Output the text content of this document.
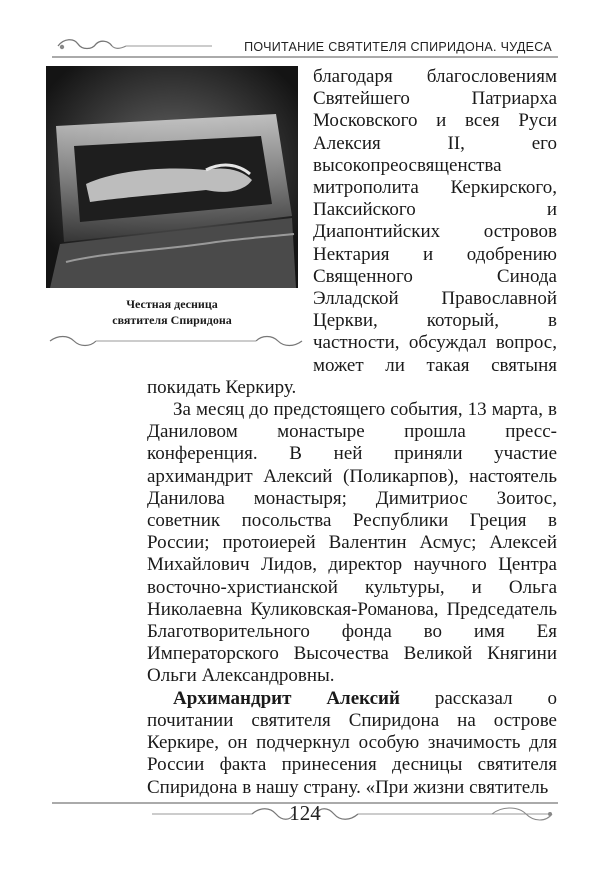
ПОЧИТАНИЕ СВЯТИТЕЛЯ СПИРИДОНА. ЧУДЕСА
Честная десница
святителя Спиридона

благодаря благословениям Святейшего Патриарха Московского и всея Руси Алексия II, его высокопреосвященства митрополита Керкирского, Паксийского и Диапонтийских островов Нектария и одобрению Священного Синода Элладской Православной Церкви, который, в частности, обсуждал вопрос, может ли такая святыня покидать Керкиру.

За месяц до предстоящего события, 13 марта, в Даниловом монастыре прошла пресс-конференция. В ней приняли участие архимандрит Алексий (Поликарпов), настоятель Данилова монастыря; Димитриос Зоитос, советник посольства Республики Греция в России; протоиерей Валентин Асмус; Алексей Михайлович Лидов, директор научного Центра восточно-христианской культуры, и Ольга Николаевна Куликовская-Романова, Председатель Благотворительного фонда во имя Ея Императорского Высочества Великой Княгини Ольги Александровны.

Архимандрит Алексий рассказал о почитании святителя Спиридона на острове Керкире, он подчеркнул особую значимость для России факта принесения десницы святителя Спиридона в нашу страну. «При жизни святитель

124
